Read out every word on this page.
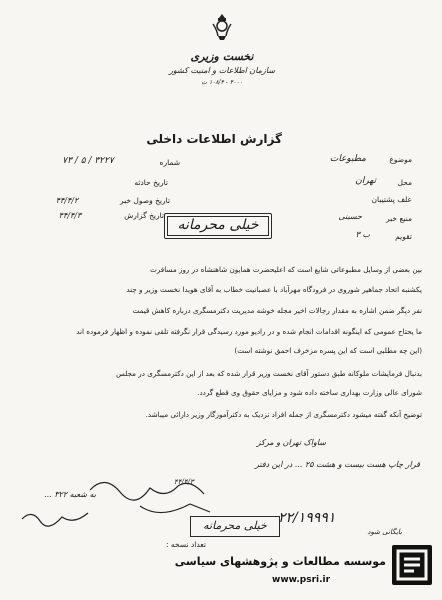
نخست وزیری
سازمان اطلاعات و امنیت کشور
۴۰۰۰ - ۱۰۸/۴ ت
گزارش اطلاعات داخلی
موضوع
مطبوعات
محل
تهران
علف پشتیبان
منبع خبر
حسینی
تقویم
ب ۳
شماره
۳۲۲۷ / ۵ / ۷۳
تاریخ حادثه
تاریخ وصول خبر
۴۴/۴/۲
تاریخ گزارش
۴۴/۴/۳
خیلی محرمانه
بین بعضی از وسایل مطبوعاتی شایع است که اعلیحضرت همایون شاهنشاه در روز مسافرت
یکشنبه اتحاد جماهیر شوروی در فرودگاه مهرآباد با عصبانیت خطاب به آقای هویدا نخست وزیر و چند
نفر دیگر ضمن اشاره به مقدار رجالات اخیر مجله خوشه مدیریت دکترمسگری درباره کاهش قیمت
ما یحتاج عمومی که اینگونه اقدامات انجام شده و در رادیو مورد رسیدگی قرار نگرفته تلقی نموده و اظهار فرموده اند
(این چه مطلبی است که این پسره مزخرف احمق نوشته است)
بدنبال فرمایشات ملوکانه طبق دستور آقای نخست وزیر قرار شده که بعد از این دکترمسگری در مجلس
شورای عالی وزارت بهداری ساخته داده شود و مزایای حقوق وی قطع گردد.
توضیح آنکه گفته میشود دکترمسگری از جمله افراد نزدیک به دکترآموزگار وزیر دارائی میباشد.
ساواک تهران و مرکز
قرار چاپ هست بیست و هشت ۲۵ ... در این دفتر
۴۴/۴/۳
به شعبه ۳۲۲ ...
۲۲/۱۹۹۹۱
خیلی محرمانه
تعداد نسخه :
بایگانی شود
موسسه مطالعات و پژوهشهای سیاسی
www.psri.ir
